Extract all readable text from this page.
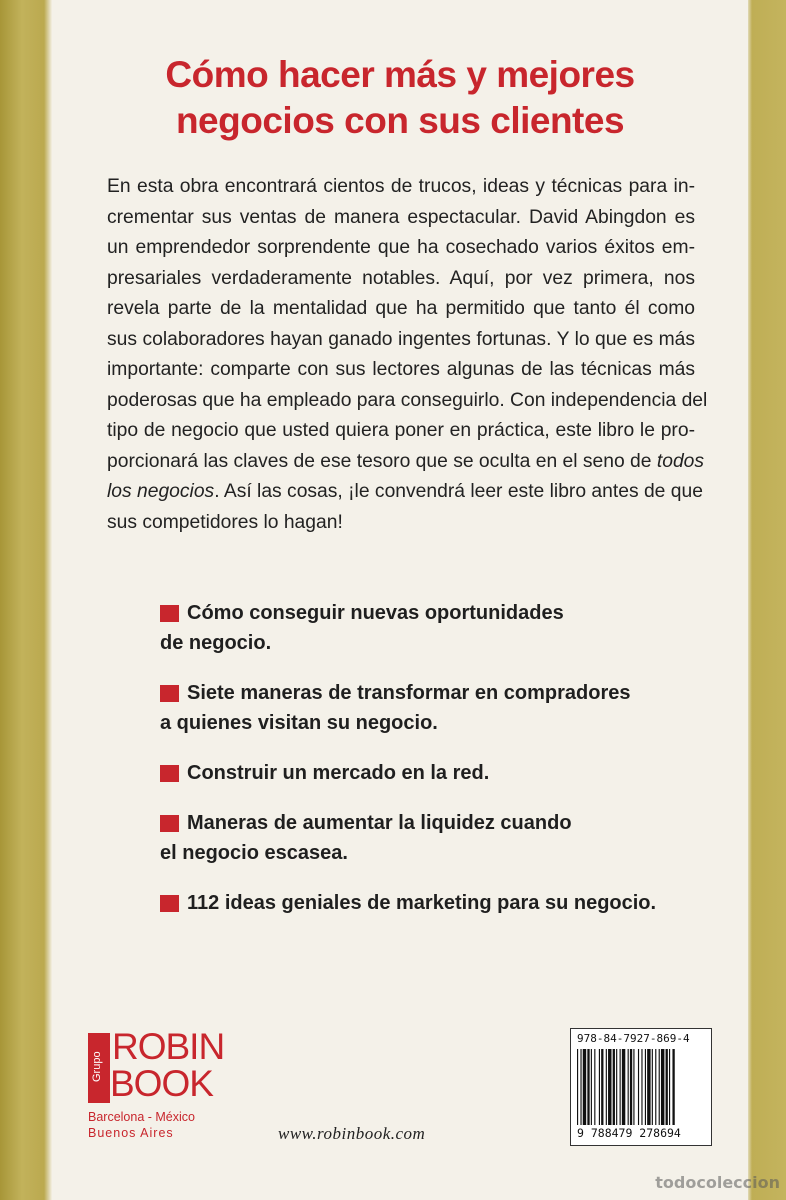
Cómo hacer más y mejores
negocios con sus clientes
En esta obra encontrará cientos de trucos, ideas y técnicas para in-
crementar sus ventas de manera espectacular. David Abingdon es
un emprendedor sorprendente que ha cosechado varios éxitos em-
presariales verdaderamente notables. Aquí, por vez primera, nos
revela parte de la mentalidad que ha permitido que tanto él como
sus colaboradores hayan ganado ingentes fortunas. Y lo que es más
importante: comparte con sus lectores algunas de las técnicas más
poderosas que ha empleado para conseguirlo. Con independencia del
tipo de negocio que usted quiera poner en práctica, este libro le pro-
porcionará las claves de ese tesoro que se oculta en el seno de todos
los negocios. Así las cosas, ¡le convendrá leer este libro antes de que
sus competidores lo hagan!
Cómo conseguir nuevas oportunidades
de negocio.
Siete maneras de transformar en compradores
a quienes visitan su negocio.
Construir un mercado en la red.
Maneras de aumentar la liquidez cuando
el negocio escasea.
112 ideas geniales de marketing para su negocio.
Grupo
ROBIN
BOOK
Barcelona - México
Buenos Aires	www.robinbook.com
978-84-7927-869-4
9 788479 278694
todocoleccion
